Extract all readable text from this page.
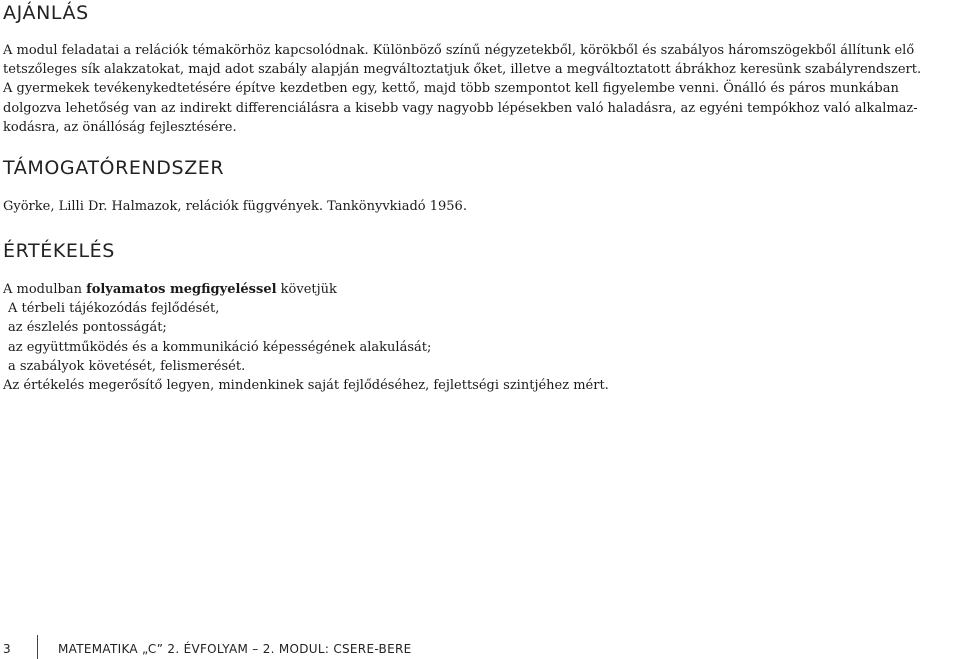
AJÁNLÁS

A modul feladatai a relációk témakörhöz kapcsolódnak. Különböző színű négyzetekből, körökből és szabályos háromszögekből állítunk elő

tetszőleges sík alakzatokat, majd adot szabály alapján megváltoztatjuk őket, illetve a megváltoztatott ábrákhoz keresünk szabályrendszert.

A gyermekek tevékenykedtetésére építve kezdetben egy, kettő, majd több szempontot kell figyelembe venni. Önálló és páros munkában

dolgozva lehetőség van az indirekt differenciálásra a kisebb vagy nagyobb lépésekben való haladásra, az egyéni tempókhoz való alkalmaz-

kodásra, az önállóság fejlesztésére.

TÁMOGATÓRENDSZER

Györke, Lilli Dr. Halmazok, relációk függvények. Tankönyvkiadó 1956.

ÉRTÉKELÉS

A modulban folyamatos megfigyeléssel követjük

A térbeli tájékozódás fejlődését,

az észlelés pontosságát;

az együttműködés és a kommunikáció képességének alakulását;

a szabályok követését, felismerését.

Az értékelés megerősítő legyen, mindenkinek saját fejlődéséhez, fejlettségi szintjéhez mért.

3	MATEMATIKA „C” 2. ÉVFOLYAM – 2. MODUL: CSERE-BERE
